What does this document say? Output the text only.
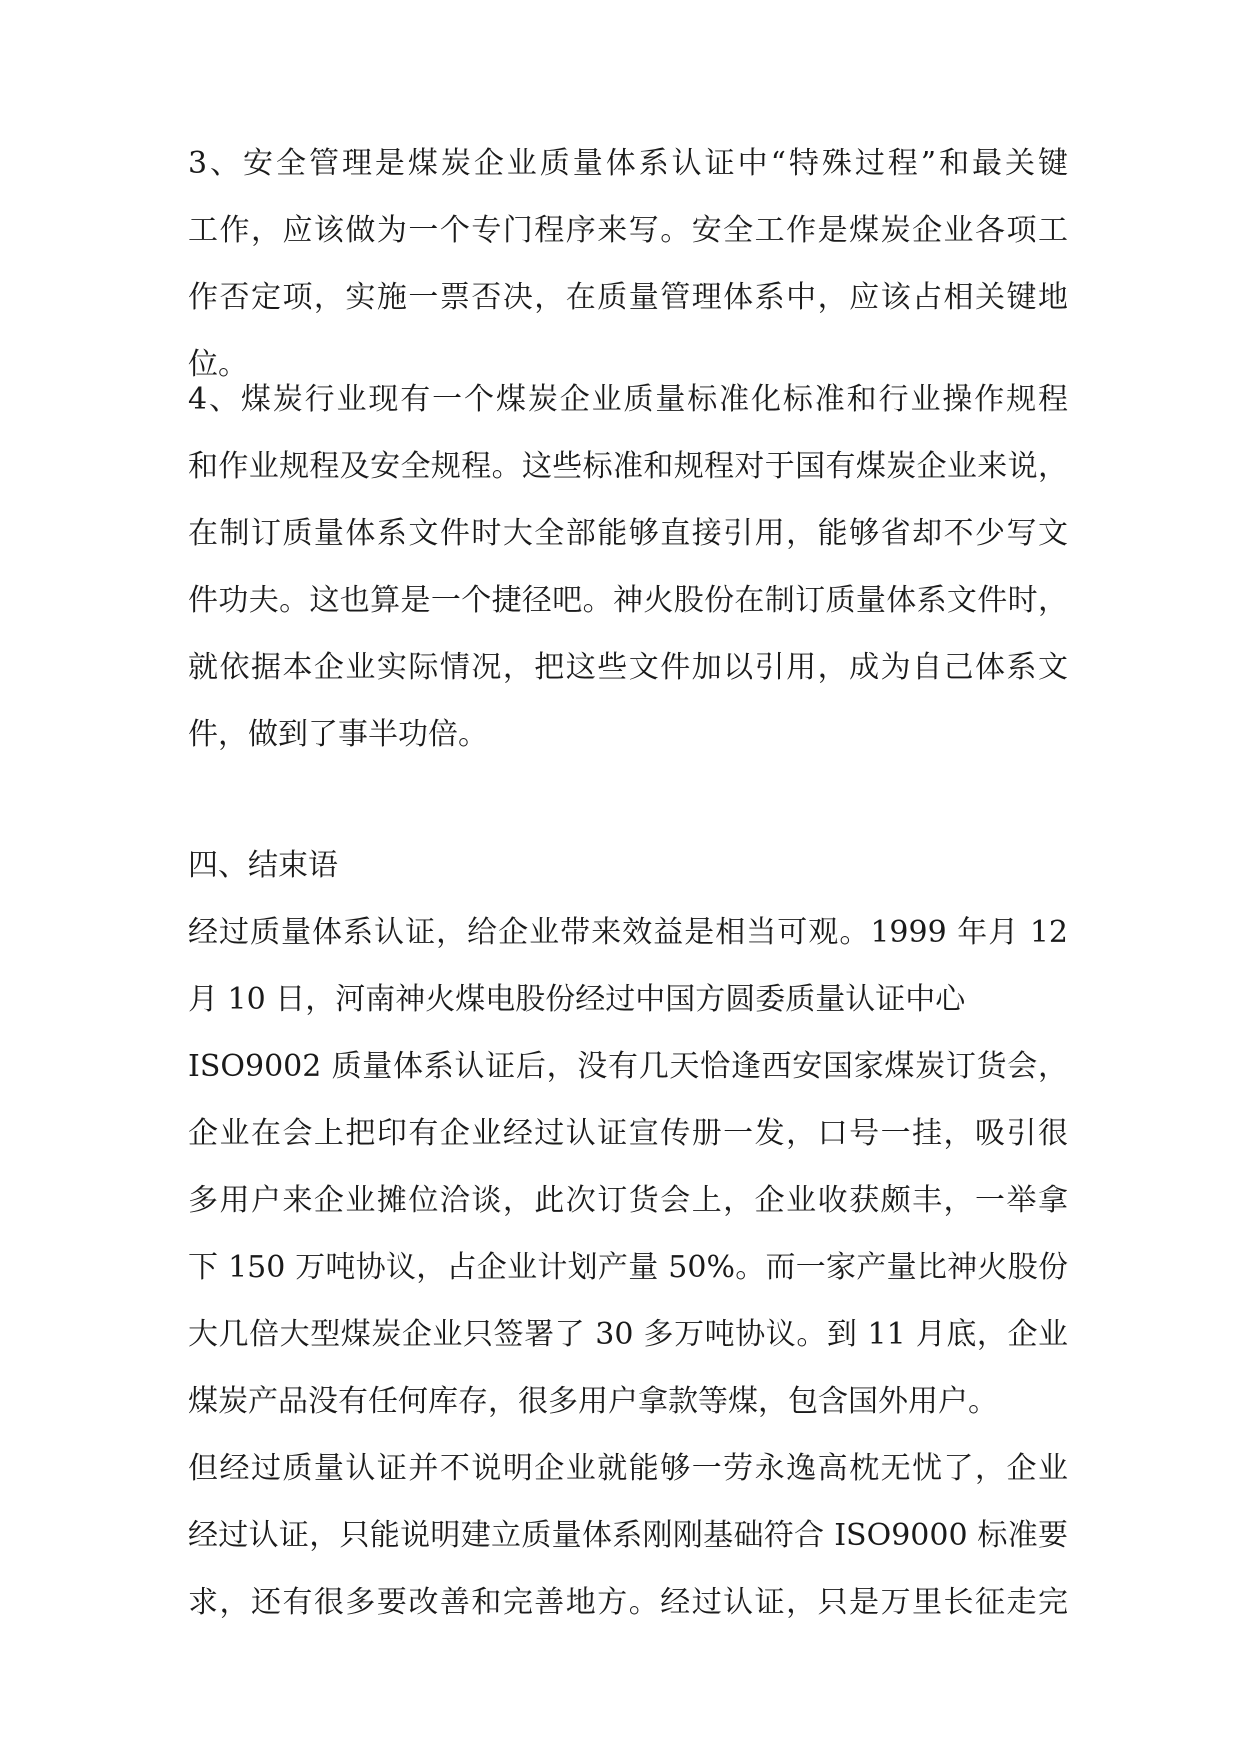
3、安全管理是煤炭企业质量体系认证中“特殊过程”和最关键
工作，应该做为一个专门程序来写。安全工作是煤炭企业各项工
作否定项，实施一票否决，在质量管理体系中，应该占相关键地
位。
4、煤炭行业现有一个煤炭企业质量标准化标准和行业操作规程
和作业规程及安全规程。这些标准和规程对于国有煤炭企业来说，
在制订质量体系文件时大全部能够直接引用，能够省却不少写文
件功夫。这也算是一个捷径吧。神火股份在制订质量体系文件时，
就依据本企业实际情况，把这些文件加以引用，成为自己体系文
件，做到了事半功倍。
四、结束语
经过质量体系认证，给企业带来效益是相当可观。1999 年月 12
月 10 日，河南神火煤电股份经过中国方圆委质量认证中心
ISO9002 质量体系认证后，没有几天恰逢西安国家煤炭订货会，
企业在会上把印有企业经过认证宣传册一发，口号一挂，吸引很
多用户来企业摊位洽谈，此次订货会上，企业收获颇丰，一举拿
下 150 万吨协议，占企业计划产量 50%。而一家产量比神火股份
大几倍大型煤炭企业只签署了 30 多万吨协议。到 11 月底，企业
煤炭产品没有任何库存，很多用户拿款等煤，包含国外用户。
但经过质量认证并不说明企业就能够一劳永逸高枕无忧了，企业
经过认证，只能说明建立质量体系刚刚基础符合 ISO9000 标准要
求，还有很多要改善和完善地方。经过认证，只是万里长征走完
